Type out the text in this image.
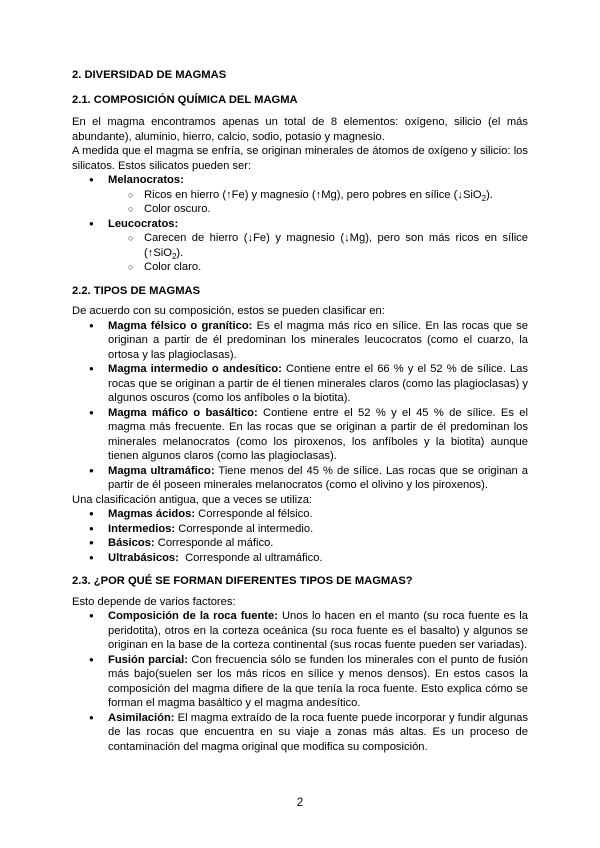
2. DIVERSIDAD DE MAGMAS
2.1. COMPOSICIÓN QUÍMICA DEL MAGMA

En el magma encontramos apenas un total de 8 elementos: oxígeno, silicio (el más abundante), aluminio, hierro, calcio, sodio, potasio y magnesio.

A medida que el magma se enfría, se originan minerales de átomos de oxígeno y silicio: los silicatos. Estos silicatos pueden ser:

● Melanocratos:
○ Ricos en hierro (↑Fe) y magnesio (↑Mg), pero pobres en sílice (↓SiO$_2$).
○ Color oscuro.
● Leucocratos:
○ Carecen de hierro (↓Fe) y magnesio (↓Mg), pero son más ricos en sílice (↑SiO$_2$).
○ Color claro.
2.2. TIPOS DE MAGMAS

De acuerdo con su composición, estos se pueden clasificar en:

● Magma félsico o granítico: Es el magma más rico en sílice. En las rocas que se originan a partir de él predominan los minerales leucocratos (como el cuarzo, la ortosa y las plagioclasas).
● Magma intermedio o andesítico: Contiene entre el 66 % y el 52 % de sílice. Las rocas que se originan a partir de él tienen minerales claros (como las plagioclasas) y algunos oscuros (como los anfíboles o la biotita).
● Magma máfico o basáltico: Contiene entre el 52 % y el 45 % de sílice. Es el magma más frecuente. En las rocas que se originan a partir de él predominan los minerales melanocratos (como los piroxenos, los anfíboles y la biotita) aunque tienen algunos claros (como las plagioclasas).
● Magma ultramáfico: Tiene menos del 45 % de sílice. Las rocas que se originan a partir de él poseen minerales melanocratos (como el olivino y los piroxenos).

Una clasificación antigua, que a veces se utiliza:

● Magmas ácidos: Corresponde al félsico.
● Intermedios: Corresponde al intermedio.
● Básicos: Corresponde al máfico.
● Ultrabásicos:  Corresponde al ultramáfico.
2.3. ¿POR QUÉ SE FORMAN DIFERENTES TIPOS DE MAGMAS?

Esto depende de varios factores:

● Composición de la roca fuente: Unos lo hacen en el manto (su roca fuente es la peridotita), otros en la corteza oceánica (su roca fuente es el basalto) y algunos se originan en la base de la corteza continental (sus rocas fuente pueden ser variadas).
● Fusión parcial: Con frecuencia sólo se funden los minerales con el punto de fusión más bajo(suelen ser los más ricos en sílice y menos densos). En estos casos la composición del magma difiere de la que tenía la roca fuente. Esto explica cómo se forman el magma basáltico y el magma andesítico.
● Asimilación: El magma extraído de la roca fuente puede incorporar y fundir algunas de las rocas que encuentra en su viaje a zonas más altas. Es un proceso de contaminación del magma original que modifica su composición.
2
